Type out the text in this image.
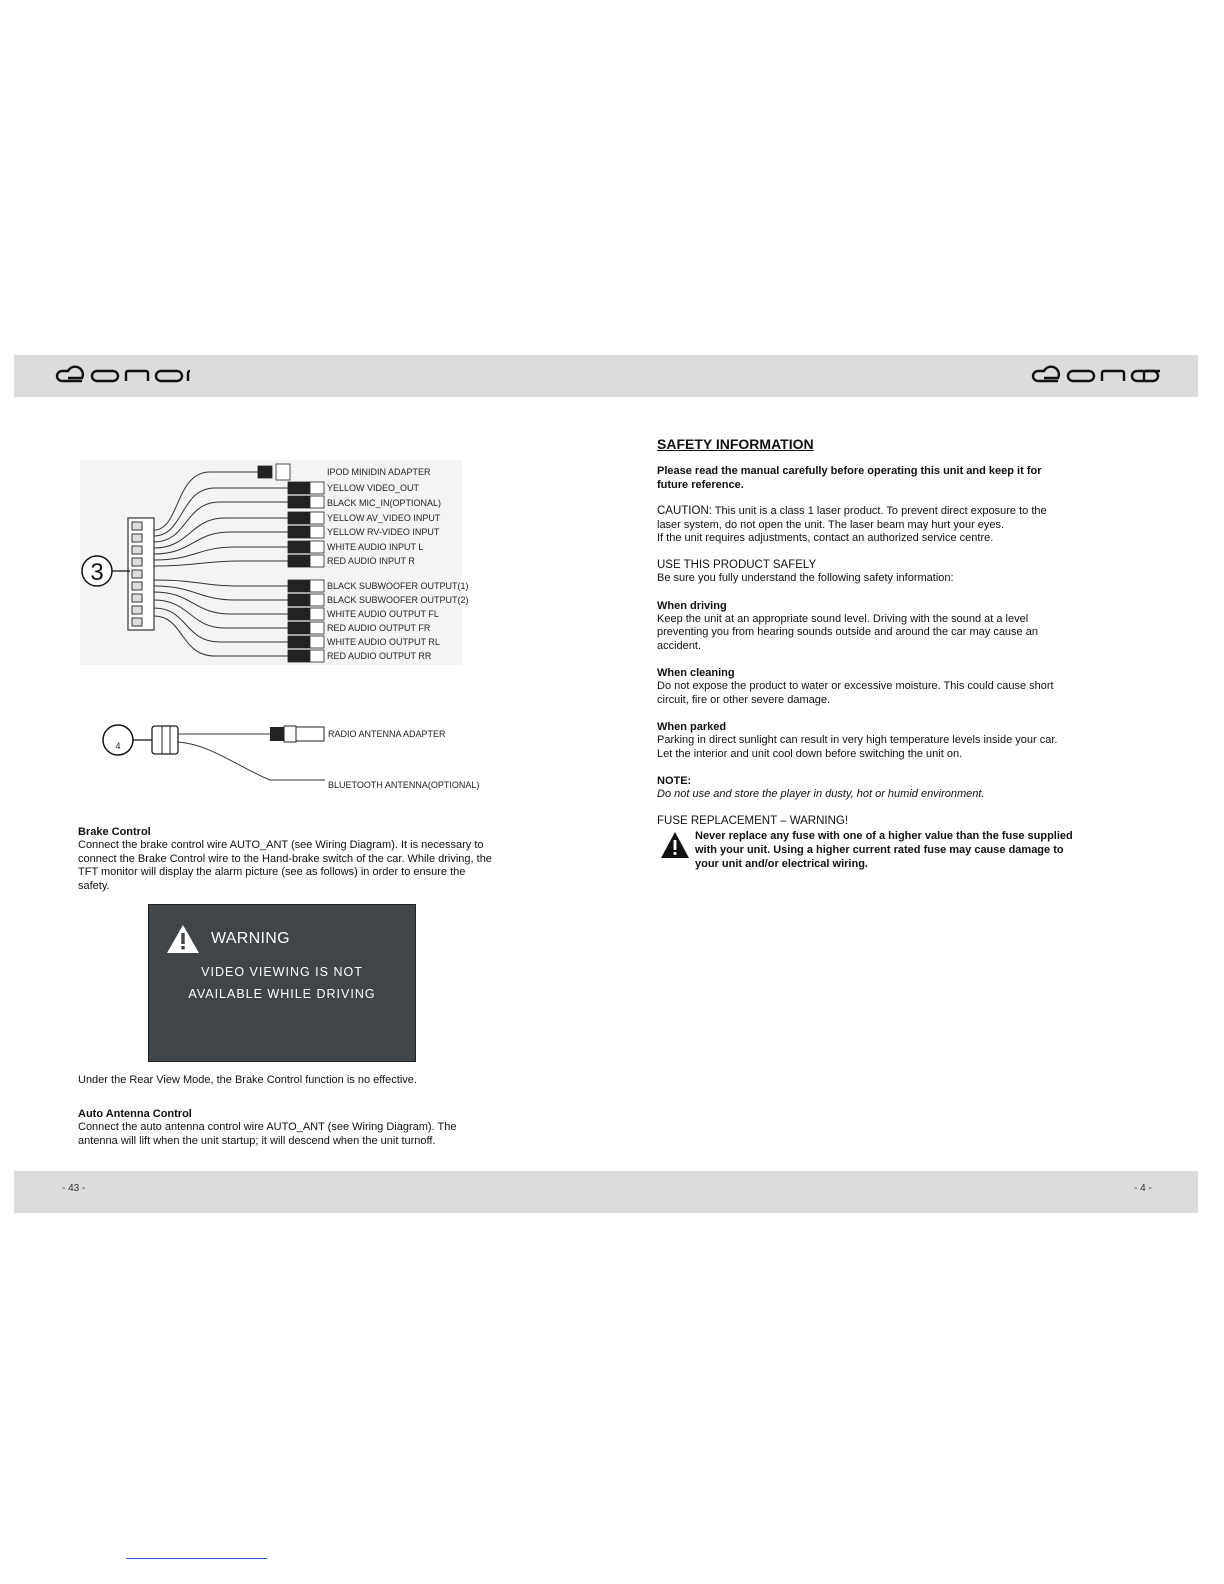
- 43 -	- 4 -
IPOD MINIDIN ADAPTER
YELLOW VIDEO_OUT
BLACK MIC_IN(OPTIONAL)
YELLOW AV_VIDEO INPUT
YELLOW RV-VIDEO INPUT
WHITE AUDIO INPUT L
RED AUDIO INPUT R
BLACK SUBWOOFER OUTPUT(1)
BLACK SUBWOOFER OUTPUT(2)
WHITE AUDIO OUTPUT FL
RED AUDIO OUTPUT FR
WHITE AUDIO OUTPUT RL
RED AUDIO OUTPUT RR
3
4
RADIO ANTENNA ADAPTER
BLUETOOTH ANTENNA(OPTIONAL)
Brake Control
Connect the brake control wire AUTO_ANT (see Wiring Diagram). It is necessary to
connect the Brake Control wire to the Hand-brake switch of the car. While driving, the
TFT monitor will display the alarm picture (see as follows) in order to ensure the
safety.
WARNING
VIDEO VIEWING IS NOT
AVAILABLE WHILE DRIVING
Under the Rear View Mode, the Brake Control function is no effective.
Auto Antenna Control
Connect the auto antenna control wire AUTO_ANT (see Wiring Diagram). The
antenna will lift when the unit startup; it will descend when the unit turnoff.
SAFETY INFORMATION
Please read the manual carefully before operating this unit and keep it for
future reference.
CAUTION: This unit is a class 1 laser product. To prevent direct exposure to the
laser system, do not open the unit. The laser beam may hurt your eyes.
If the unit requires adjustments, contact an authorized service centre.
USE THIS PRODUCT SAFELY
Be sure you fully understand the following safety information:
When driving
Keep the unit at an appropriate sound level. Driving with the sound at a level
preventing you from hearing sounds outside and around the car may cause an
accident.
When cleaning
Do not expose the product to water or excessive moisture. This could cause short
circuit, fire or other severe damage.
When parked
Parking in direct sunlight can result in very high temperature levels inside your car.
Let the interior and unit cool down before switching the unit on.
NOTE:
Do not use and store the player in dusty, hot or humid environment.
FUSE REPLACEMENT – WARNING!
Never replace any fuse with one of a higher value than the fuse supplied
with your unit. Using a higher current rated fuse may cause damage to
your unit and/or electrical wiring.
